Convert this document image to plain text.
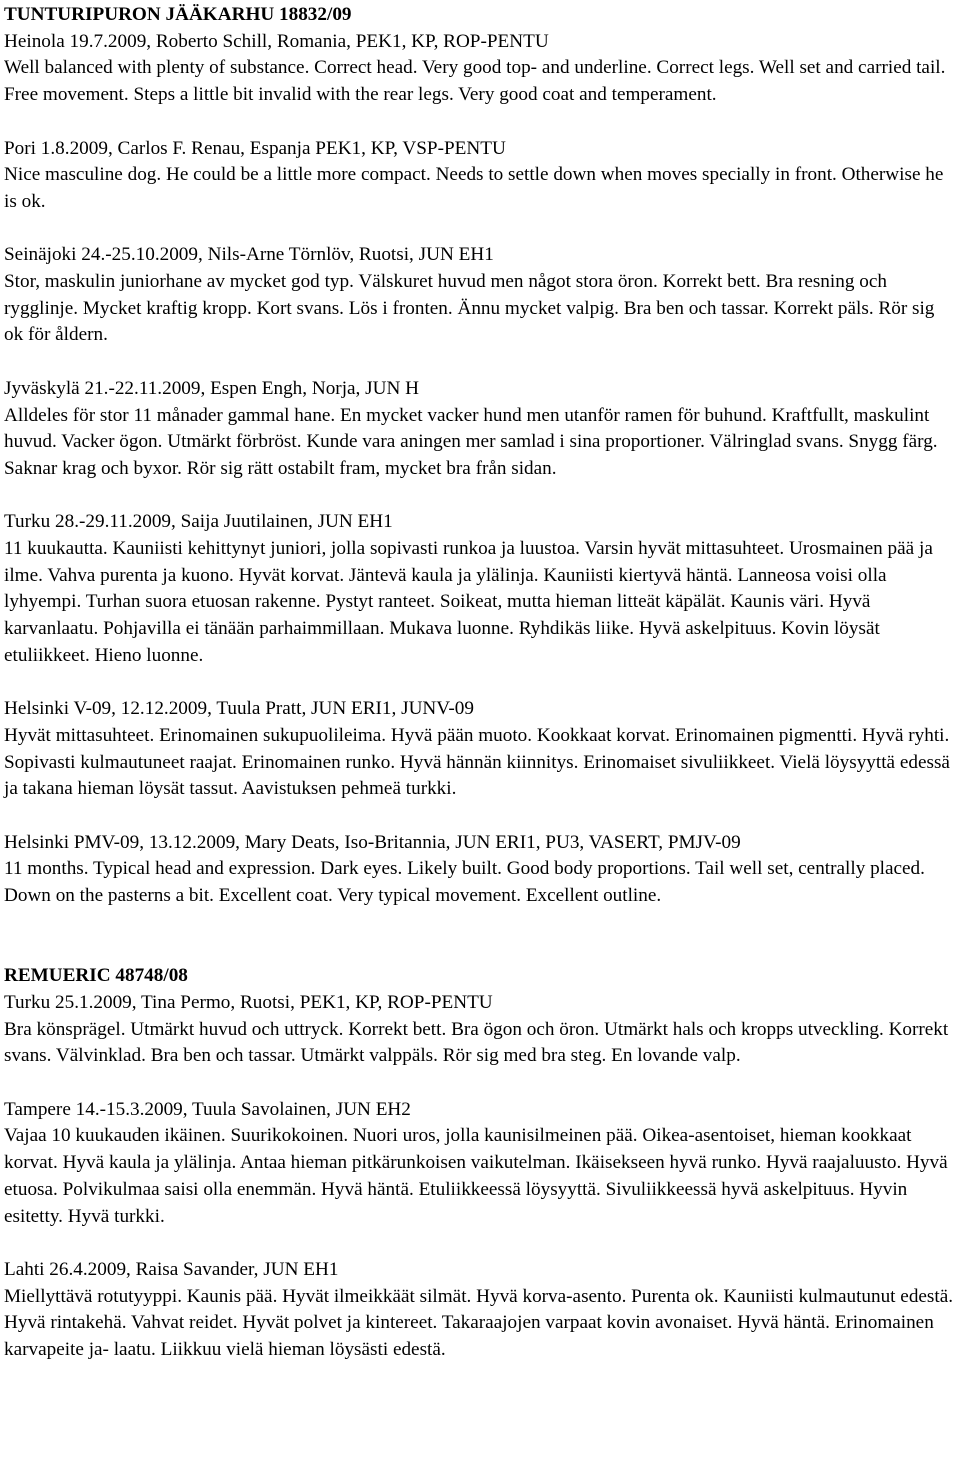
TUNTURIPURON JÄÄKARHU 18832/09

Heinola 19.7.2009, Roberto Schill, Romania, PEK1, KP, ROP-PENTU

Well balanced with plenty of substance. Correct head. Very good top- and underline. Correct legs. Well set and carried tail. Free movement. Steps a little bit invalid with the rear legs. Very good coat and temperament.

Pori 1.8.2009, Carlos F. Renau, Espanja PEK1, KP, VSP-PENTU

Nice masculine dog. He could be a little more compact. Needs to settle down when moves specially in front. Otherwise he is ok.

Seinäjoki 24.-25.10.2009, Nils-Arne Törnlöv, Ruotsi, JUN EH1

Stor, maskulin juniorhane av mycket god typ. Välskuret huvud men något stora öron. Korrekt bett. Bra resning och rygglinje. Mycket kraftig kropp. Kort svans. Lös i fronten. Ännu mycket valpig. Bra ben och tassar. Korrekt päls. Rör sig ok för åldern.

Jyväskylä 21.-22.11.2009, Espen Engh, Norja, JUN H

Alldeles för stor 11 månader gammal hane. En mycket vacker hund men utanför ramen för buhund. Kraftfullt, maskulint huvud. Vacker ögon. Utmärkt förbröst. Kunde vara aningen mer samlad i sina proportioner. Välringlad svans. Snygg färg. Saknar krag och byxor. Rör sig rätt ostabilt fram, mycket bra från sidan.

Turku 28.-29.11.2009, Saija Juutilainen, JUN EH1

11 kuukautta. Kauniisti kehittynyt juniori, jolla sopivasti runkoa ja luustoa. Varsin hyvät mittasuhteet. Urosmainen pää ja ilme. Vahva purenta ja kuono. Hyvät korvat. Jäntevä kaula ja ylälinja. Kauniisti kiertyvä häntä. Lanneosa voisi olla lyhyempi. Turhan suora etuosan rakenne. Pystyt ranteet. Soikeat, mutta hieman litteät käpälät. Kaunis väri. Hyvä karvanlaatu. Pohjavilla ei tänään parhaimmillaan. Mukava luonne. Ryhdikäs liike. Hyvä askelpituus. Kovin löysät etuliikkeet. Hieno luonne.

Helsinki V-09, 12.12.2009, Tuula Pratt, JUN ERI1, JUNV-09

Hyvät mittasuhteet. Erinomainen sukupuolileima. Hyvä pään muoto. Kookkaat korvat. Erinomainen pigmentti. Hyvä ryhti. Sopivasti kulmautuneet raajat. Erinomainen runko. Hyvä hännän kiinnitys. Erinomaiset sivuliikkeet. Vielä löysyyttä edessä ja takana hieman löysät tassut. Aavistuksen pehmeä turkki.

Helsinki PMV-09, 13.12.2009, Mary Deats, Iso-Britannia, JUN ERI1, PU3, VASERT, PMJV-09

11 months. Typical head and expression. Dark eyes. Likely built. Good body proportions. Tail well set, centrally placed. Down on the pasterns a bit. Excellent coat. Very typical movement. Excellent outline.

REMUERIC 48748/08

Turku 25.1.2009, Tina Permo, Ruotsi, PEK1, KP, ROP-PENTU

Bra könsprägel. Utmärkt huvud och uttryck. Korrekt bett. Bra ögon och öron. Utmärkt hals och kropps utveckling. Korrekt svans. Välvinklad. Bra ben och tassar. Utmärkt valppäls. Rör sig med bra steg. En lovande valp.

Tampere 14.-15.3.2009, Tuula Savolainen, JUN EH2

Vajaa 10 kuukauden ikäinen. Suurikokoinen. Nuori uros, jolla kaunisilmeinen pää. Oikea-asentoiset, hieman kookkaat korvat. Hyvä kaula ja ylälinja. Antaa hieman pitkärunkoisen vaikutelman. Ikäisekseen hyvä runko. Hyvä raajaluusto. Hyvä etuosa. Polvikulmaa saisi olla enemmän. Hyvä häntä. Etuliikkeessä löysyyttä. Sivuliikkeessä hyvä askelpituus. Hyvin esitetty. Hyvä turkki.

Lahti 26.4.2009, Raisa Savander, JUN EH1

Miellyttävä rotutyyppi. Kaunis pää. Hyvät ilmeikkäät silmät. Hyvä korva-asento. Purenta ok. Kauniisti kulmautunut edestä. Hyvä rintakehä. Vahvat reidet. Hyvät polvet ja kintereet. Takaraajojen varpaat kovin avonaiset. Hyvä häntä. Erinomainen karvapeite ja- laatu. Liikkuu vielä hieman löysästi edestä.
